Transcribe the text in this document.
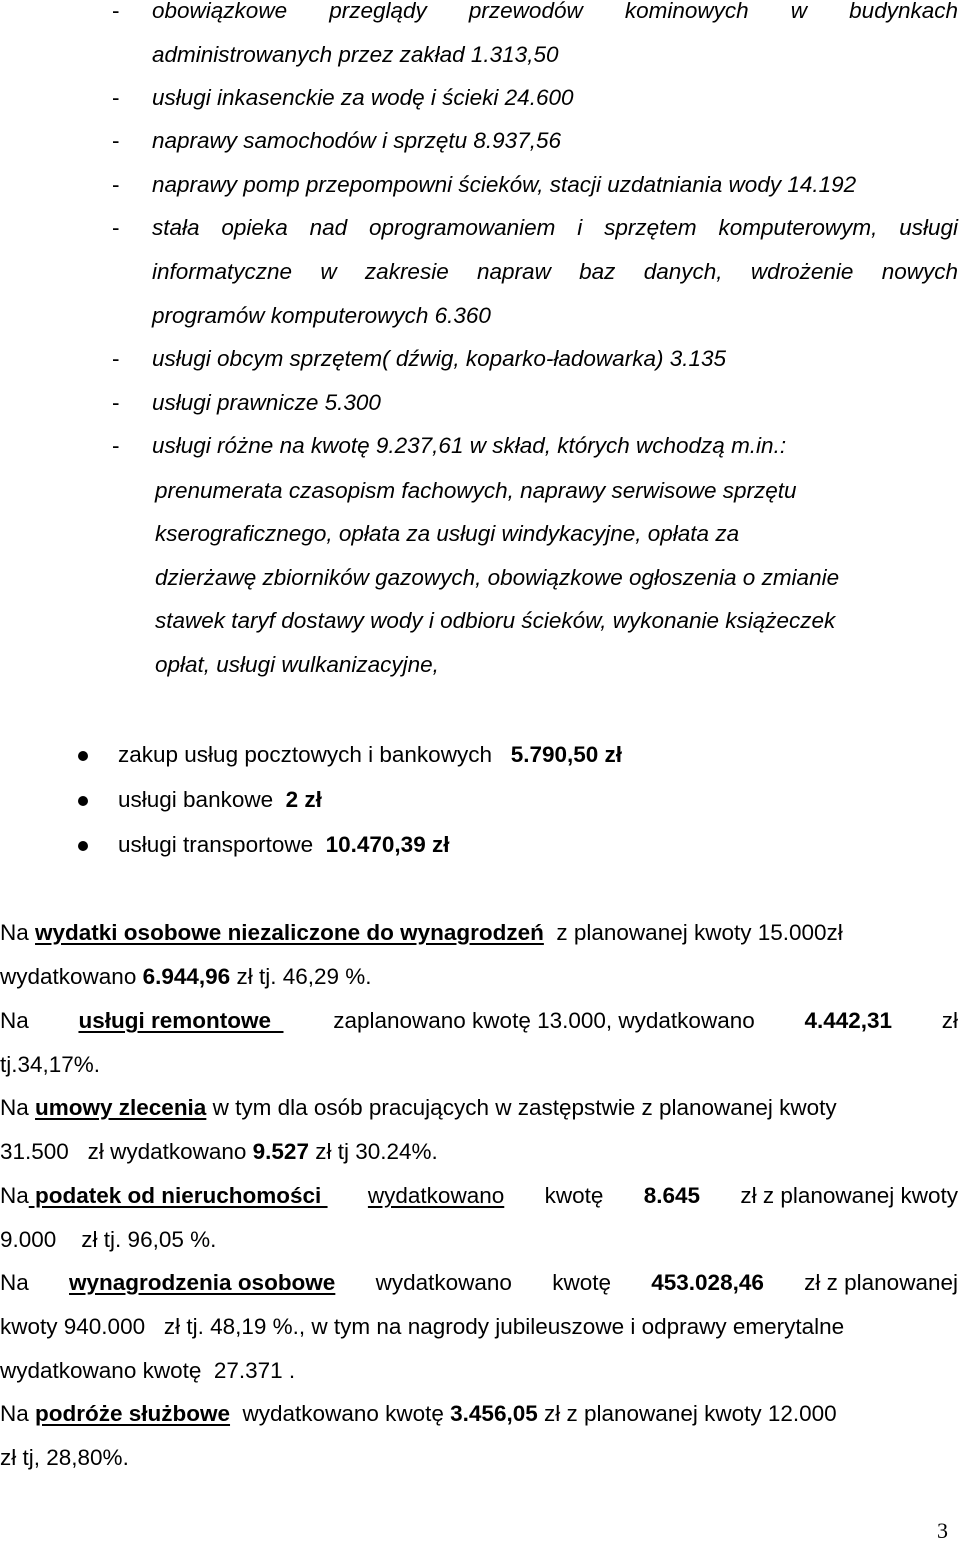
- obowiązkowe przeglądy przewodów kominowych w budynkach
administrowanych przez zakład 1.313,50
- usługi inkasenckie za wodę i ścieki 24.600
- naprawy samochodów i sprzętu 8.937,56
- naprawy pomp przepompowni ścieków, stacji uzdatniania wody 14.192
- stała opieka nad oprogramowaniem i sprzętem komputerowym, usługi
informatyczne w zakresie napraw baz danych, wdrożenie nowych
programów komputerowych 6.360
- usługi obcym sprzętem( dźwig, koparko-ładowarka) 3.135
- usługi prawnicze 5.300
- usługi różne na kwotę 9.237,61 w skład, których wchodzą m.in.:
prenumerata czasopism fachowych, naprawy serwisowe sprzętu
kserograficznego, opłata za usługi windykacyjne, opłata za
dzierżawę zbiorników gazowych, obowiązkowe ogłoszenia o zmianie
stawek taryf dostawy wody i odbioru ścieków, wykonanie książeczek
opłat, usługi wulkanizacyjne,
zakup usług pocztowych i bankowych   5.790,50 zł
usługi bankowe  2 zł
usługi transportowe  10.470,39 zł
Na wydatki osobowe niezaliczone do wynagrodzeń  z planowanej kwoty 15.000zł
wydatkowano 6.944,96 zł tj. 46,29 %.
Na usługi remontowe zaplanowano kwotę 13.000, wydatkowano 4.442,31 zł
tj.34,17%.
Na umowy zlecenia w tym dla osób pracujących w zastępstwie z planowanej kwoty
31.500   zł wydatkowano 9.527 zł tj 30.24%.
Na podatek od nieruchomości wydatkowano kwotę 8.645 zł z planowanej kwoty
9.000    zł tj. 96,05 %.
Na wynagrodzenia osobowe wydatkowano kwotę 453.028,46 zł z planowanej
kwoty 940.000   zł tj. 48,19 %., w tym na nagrody jubileuszowe i odprawy emerytalne
wydatkowano kwotę  27.371 .
Na podróże służbowe  wydatkowano kwotę 3.456,05 zł z planowanej kwoty 12.000
zł tj, 28,80%.
3
